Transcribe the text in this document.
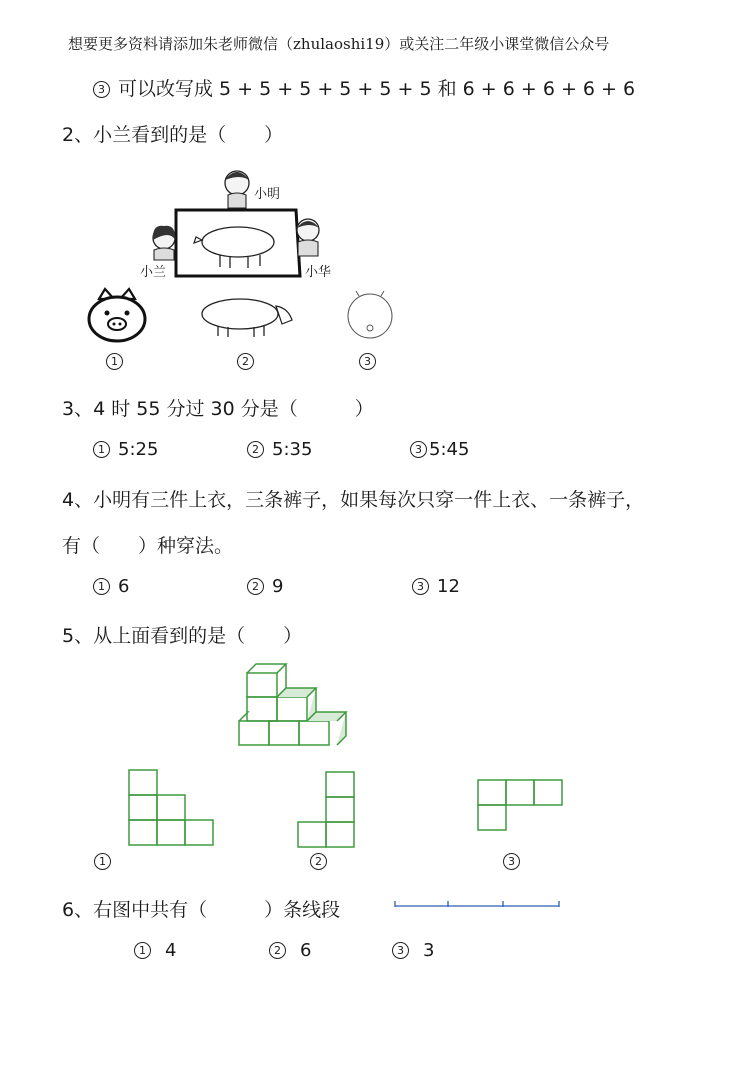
想要更多资料请添加朱老师微信（zhulaoshi19）或关注二年级小课堂微信公众号
3 可以改写成 5 + 5 + 5 + 5 + 5 + 5 和 6 + 6 + 6 + 6 + 6
2、小兰看到的是（　　）
小明
小兰	小华
1	2	3
3、4 时 55 分过 30 分是（　　　）
1 5:25	2 5:35	3 5:45
4、小明有三件上衣，三条裤子，如果每次只穿一件上衣、一条裤子，
有（　　）种穿法。
1 6	2 9	3 12
5、从上面看到的是（　　）
1	2	3
6、右图中共有（　　　）条线段
1 4	2 6	3 3
